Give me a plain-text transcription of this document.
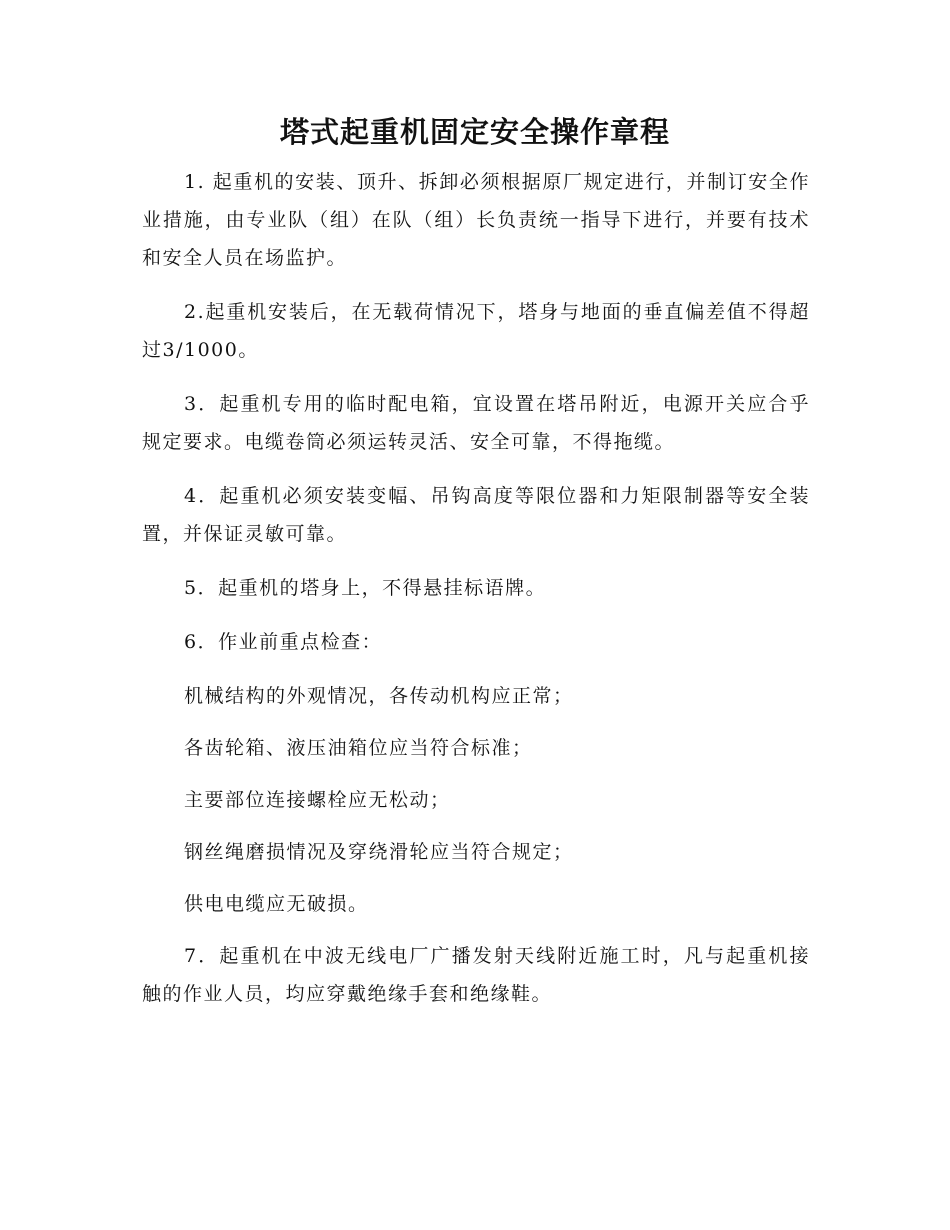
塔式起重机固定安全操作章程

1. 起重机的安装、顶升、拆卸必须根据原厂规定进行，并制订安全作业措施，由专业队（组）在队（组）长负责统一指导下进行，并要有技术和安全人员在场监护。

2.起重机安装后，在无载荷情况下，塔身与地面的垂直偏差值不得超过3/1000。

3．起重机专用的临时配电箱，宜设置在塔吊附近，电源开关应合乎规定要求。电缆卷筒必须运转灵活、安全可靠，不得拖缆。

4．起重机必须安装变幅、吊钩高度等限位器和力矩限制器等安全装置，并保证灵敏可靠。

5．起重机的塔身上，不得悬挂标语牌。

6．作业前重点检查：

机械结构的外观情况，各传动机构应正常；

各齿轮箱、液压油箱位应当符合标准；

主要部位连接螺栓应无松动；

钢丝绳磨损情况及穿绕滑轮应当符合规定；

供电电缆应无破损。

7．起重机在中波无线电厂广播发射天线附近施工时，凡与起重机接触的作业人员，均应穿戴绝缘手套和绝缘鞋。
